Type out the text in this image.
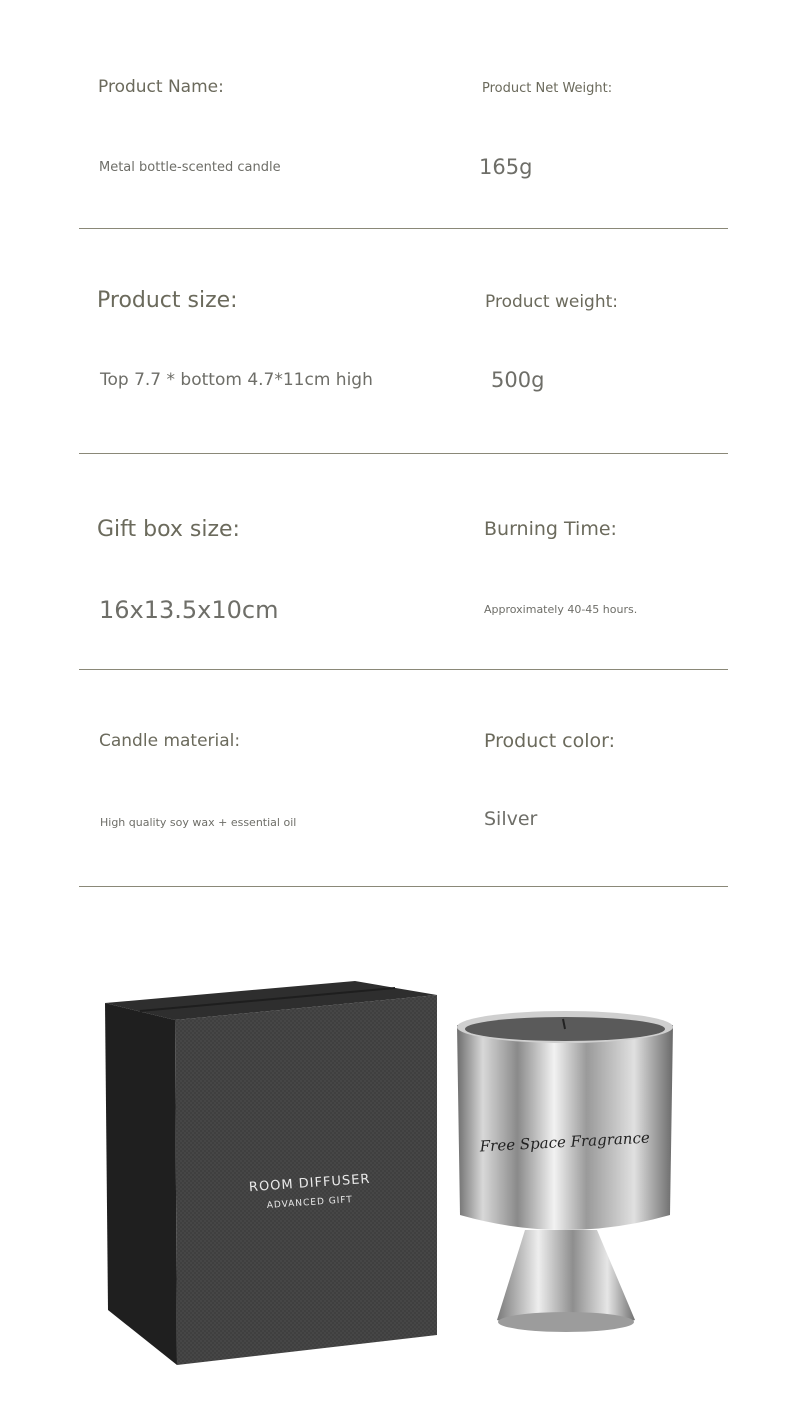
Product Name:	Product Net Weight:
Metal bottle-scented candle	165g
Product size:	Product weight:
Top 7.7 * bottom 4.7*11cm high	500g
Gift box size:	Burning Time:
16x13.5x10cm	Approximately 40-45 hours.
Candle material:	Product color:
High quality soy wax + essential oil	Silver
ROOM DIFFUSER
ADVANCED GIFT
Free Space Fragrance
